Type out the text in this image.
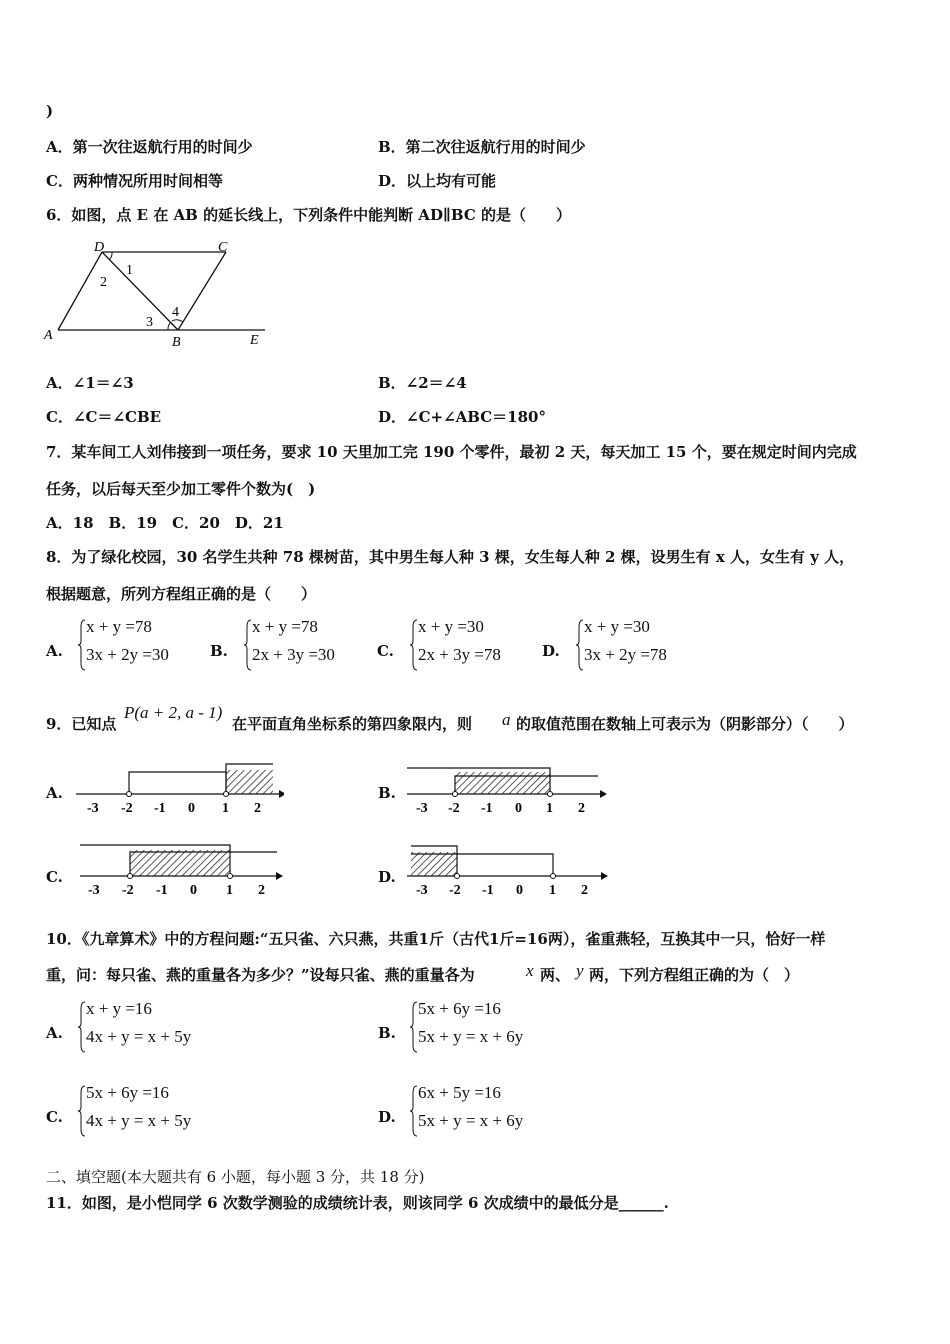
)
A．第一次往返航行用的时间少	B．第二次往返航行用的时间少
C．两种情况所用时间相等	D．以上均有可能
6．如图，点 E 在 AB 的延长线上，下列条件中能判断 AD∥BC 的是（　　）
D	C
A	B	E
1
2
3
4
A．∠1＝∠3	B．∠2＝∠4
C．∠C＝∠CBE	D．∠C+∠ABC＝180°
7．某车间工人刘伟接到一项任务，要求 10 天里加工完 190 个零件，最初 2 天，每天加工 15 个，要在规定时间内完成
任务，以后每天至少加工零件个数为(　)
A．18　B．19　C．20　D．21
8．为了绿化校园，30 名学生共种 78 棵树苗，其中男生每人种 3 棵，女生每人种 2 棵，设男生有 x 人，女生有 y 人，
根据题意，所列方程组正确的是（　　）
A.
x + y =78
3x + 2y =30	B.
x + y =78
2x + 3y =30	C.
x + y =30
2x + 3y =78	D.
x + y =30
3x + 2y =78
9．已知点
P(a + 2, a - 1)
在平面直角坐标系的第四象限内，则 a 的取值范围在数轴上可表示为（阴影部分）（　　）
A.
-3 -2 -1 0 1 2
B.
-3 -2 -1 0 1 2
C.
-3 -2 -1 0 1 2
D.
-3 -2 -1 0 1 2
10．《九章算术》中的方程问题:“五只雀、六只燕，共重1斤（古代1斤=16两），雀重燕轻，互换其中一只，恰好一样
重，问：每只雀、燕的重量各为多少？”设每只雀、燕的重量各为	x 两、 y 两，下列方程组正确的为（　）
A.
x + y =16
4x + y = x + 5y	B.
5x + 6y =16
5x + y = x + 6y
C.
5x + 6y =16
4x + y = x + 5y	D.
6x + 5y =16
5x + y = x + 6y
二、填空题(本大题共有 6 小题，每小题 3 分，共 18 分)
11．如图，是小恺同学 6 次数学测验的成绩统计表，则该同学 6 次成绩中的最低分是______.
